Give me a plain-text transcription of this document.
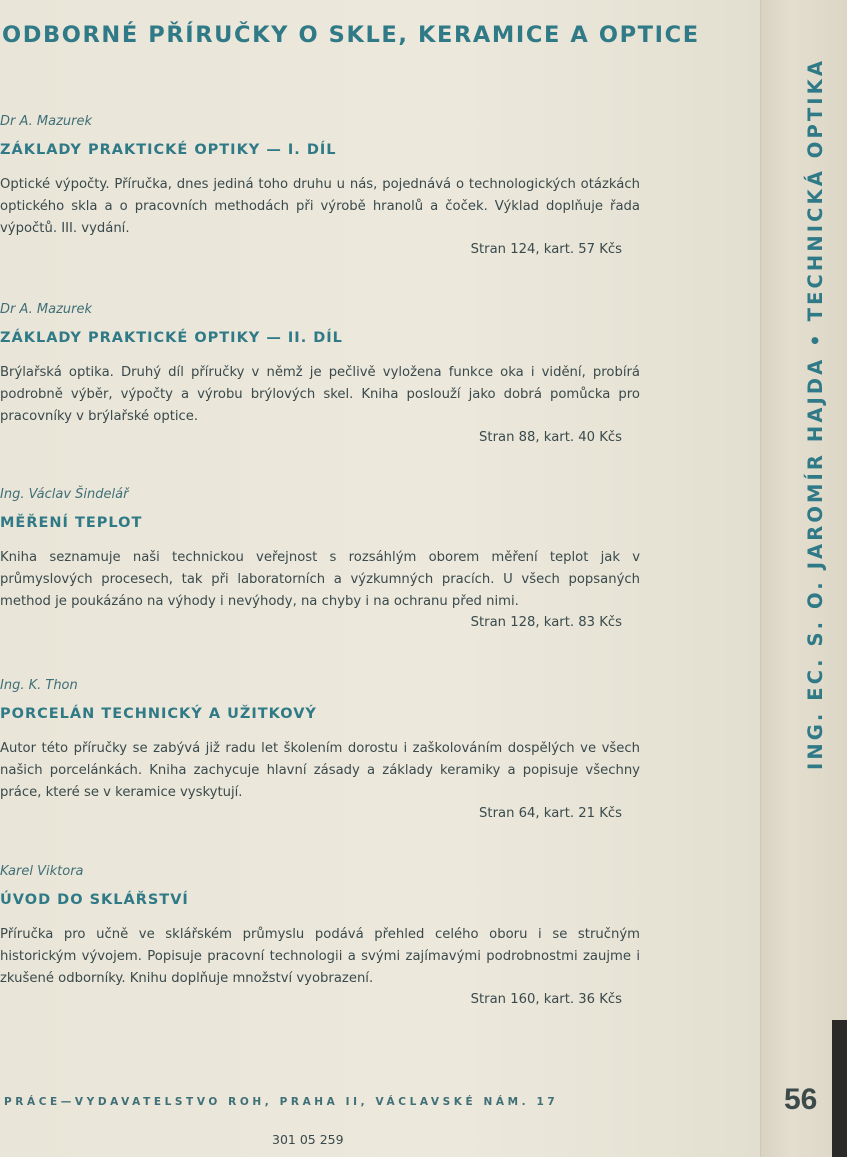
ODBORNÉ PŘÍRUČKY O SKLE, KERAMICE A OPTICE
Dr A. Mazurek
ZÁKLADY PRAKTICKÉ OPTIKY — I. DÍL

Optické výpočty. Příručka, dnes jediná toho druhu u nás, pojednává o technologických otázkách optického skla a o pracovních methodách při výrobě hranolů a čoček. Výklad doplňuje řada výpočtů. III. vydání.

Stran 124, kart. 57 Kčs
Dr A. Mazurek
ZÁKLADY PRAKTICKÉ OPTIKY — II. DÍL

Brýlařská optika. Druhý díl příručky v němž je pečlivě vyložena funkce oka i vidění, probírá podrobně výběr, výpočty a výrobu brýlových skel. Kniha poslouží jako dobrá pomůcka pro pracovníky v brýlařské optice.

Stran 88, kart. 40 Kčs
Ing. Václav Šindelář
MĚŘENÍ TEPLOT

Kniha seznamuje naši technickou veřejnost s rozsáhlým oborem měření teplot jak v průmyslových procesech, tak při laboratorních a výzkumných pracích. U všech popsaných method je poukázáno na výhody i nevýhody, na chyby i na ochranu před nimi.

Stran 128, kart. 83 Kčs
Ing. K. Thon
PORCELÁN TECHNICKÝ A UŽITKOVÝ

Autor této příručky se zabývá již radu let školením dorostu i zaškolováním dospělých ve všech našich porcelánkách. Kniha zachycuje hlavní zásady a základy keramiky a popisuje všechny práce, které se v keramice vyskytují.

Stran 64, kart. 21 Kčs
Karel Viktora
ÚVOD DO SKLÁŘSTVÍ

Příručka pro učně ve sklářském průmyslu podává přehled celého oboru i se stručným historickým vývojem. Popisuje pracovní technologii a svými zajímavými podrobnostmi zaujme i zkušené odborníky. Knihu doplňuje množství vyobrazení.

Stran 160, kart. 36 Kčs
PRÁCE—VYDAVATELSTVO ROH, PRAHA II, VÁCLAVSKÉ NÁM. 17
301 05 259
ING. EC. S. O. JAROMÍR HAJDA • TECHNICKÁ OPTIKA
56
